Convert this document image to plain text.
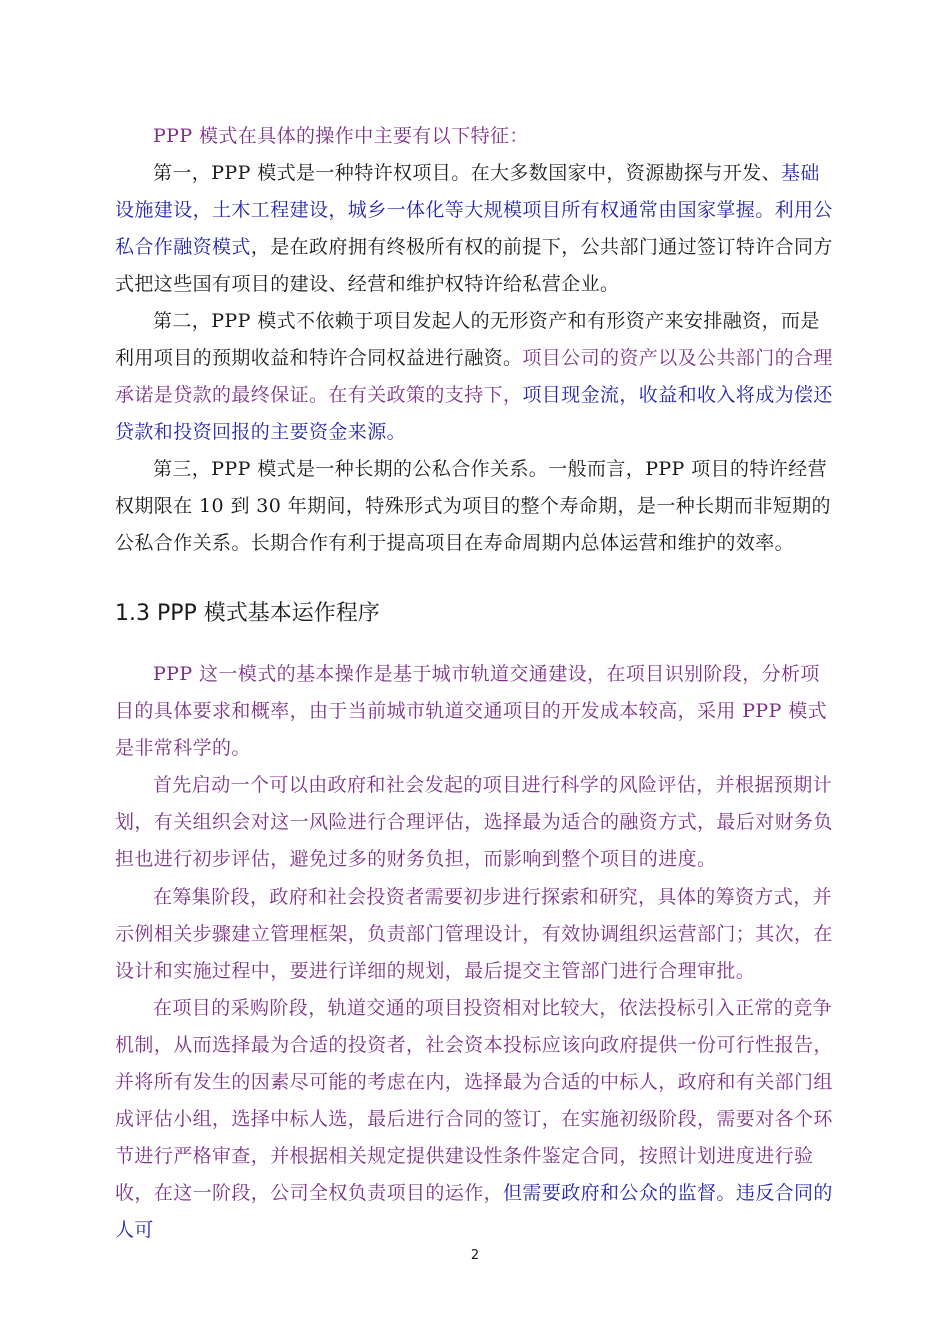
PPP 模式在具体的操作中主要有以下特征：

第一，PPP 模式是一种特许权项目。在大多数国家中，资源勘探与开发、基础设施建设，土木工程建设，城乡一体化等大规模项目所有权通常由国家掌握。利用公私合作融资模式，是在政府拥有终极所有权的前提下，公共部门通过签订特许合同方式把这些国有项目的建设、经营和维护权特许给私营企业。

第二，PPP 模式不依赖于项目发起人的无形资产和有形资产来安排融资，而是利用项目的预期收益和特许合同权益进行融资。项目公司的资产以及公共部门的合理承诺是贷款的最终保证。在有关政策的支持下，项目现金流，收益和收入将成为偿还贷款和投资回报的主要资金来源。

第三，PPP 模式是一种长期的公私合作关系。一般而言，PPP 项目的特许经营权期限在 10 到 30 年期间，特殊形式为项目的整个寿命期，是一种长期而非短期的公私合作关系。长期合作有利于提高项目在寿命周期内总体运营和维护的效率。

1.3 PPP 模式基本运作程序

PPP 这一模式的基本操作是基于城市轨道交通建设，在项目识别阶段，分析项目的具体要求和概率，由于当前城市轨道交通项目的开发成本较高，采用 PPP 模式是非常科学的。

首先启动一个可以由政府和社会发起的项目进行科学的风险评估，并根据预期计划，有关组织会对这一风险进行合理评估，选择最为适合的融资方式，最后对财务负担也进行初步评估，避免过多的财务负担，而影响到整个项目的进度。

在筹集阶段，政府和社会投资者需要初步进行探索和研究，具体的筹资方式，并示例相关步骤建立管理框架，负责部门管理设计，有效协调组织运营部门；其次，在设计和实施过程中，要进行详细的规划，最后提交主管部门进行合理审批。

在项目的采购阶段，轨道交通的项目投资相对比较大，依法投标引入正常的竞争机制，从而选择最为合适的投资者，社会资本投标应该向政府提供一份可行性报告，并将所有发生的因素尽可能的考虑在内，选择最为合适的中标人，政府和有关部门组成评估小组，选择中标人选，最后进行合同的签订，在实施初级阶段，需要对各个环节进行严格审查，并根据相关规定提供建设性条件鉴定合同，按照计划进度进行验收，在这一阶段，公司全权负责项目的运作，但需要政府和公众的监督。违反合同的人可

2
